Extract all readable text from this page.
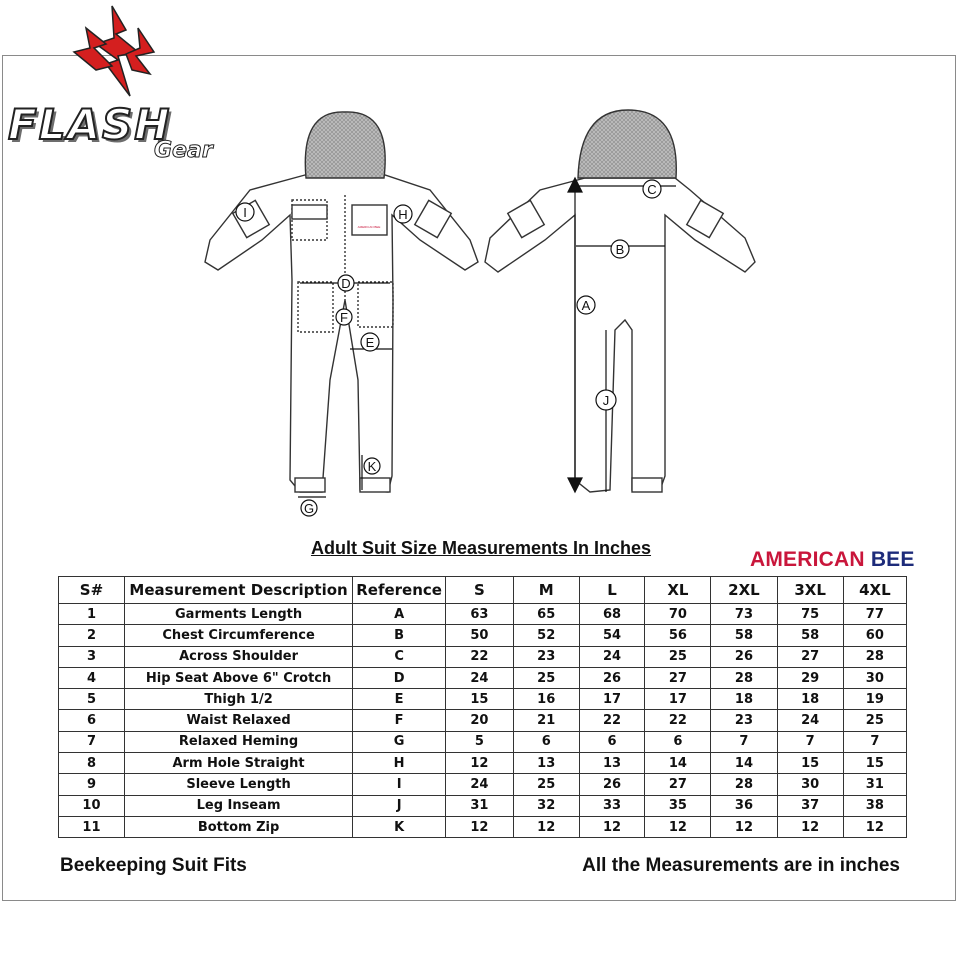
FLASH
Gear
A
B
C
D
E
F
G
H
I
J
K
AMERICAN BEE
Adult Suit Size Measurements In Inches	AMERICAN BEE
S#	Measurement Description	Reference	S	M	L	XL	2XL	3XL	4XL
1	Garments Length	A	63	65	68	70	73	75	77
2	Chest Circumference	B	50	52	54	56	58	58	60
3	Across Shoulder	C	22	23	24	25	26	27	28
4	Hip Seat Above 6" Crotch	D	24	25	26	27	28	29	30
5	Thigh 1/2	E	15	16	17	17	18	18	19
6	Waist Relaxed	F	20	21	22	22	23	24	25
7	Relaxed Heming	G	5	6	6	6	7	7	7
8	Arm Hole Straight	H	12	13	13	14	14	15	15
9	Sleeve Length	I	24	25	26	27	28	30	31
10	Leg Inseam	J	31	32	33	35	36	37	38
11	Bottom Zip	K	12	12	12	12	12	12	12
Beekeeping Suit Fits	All the Measurements are in inches
